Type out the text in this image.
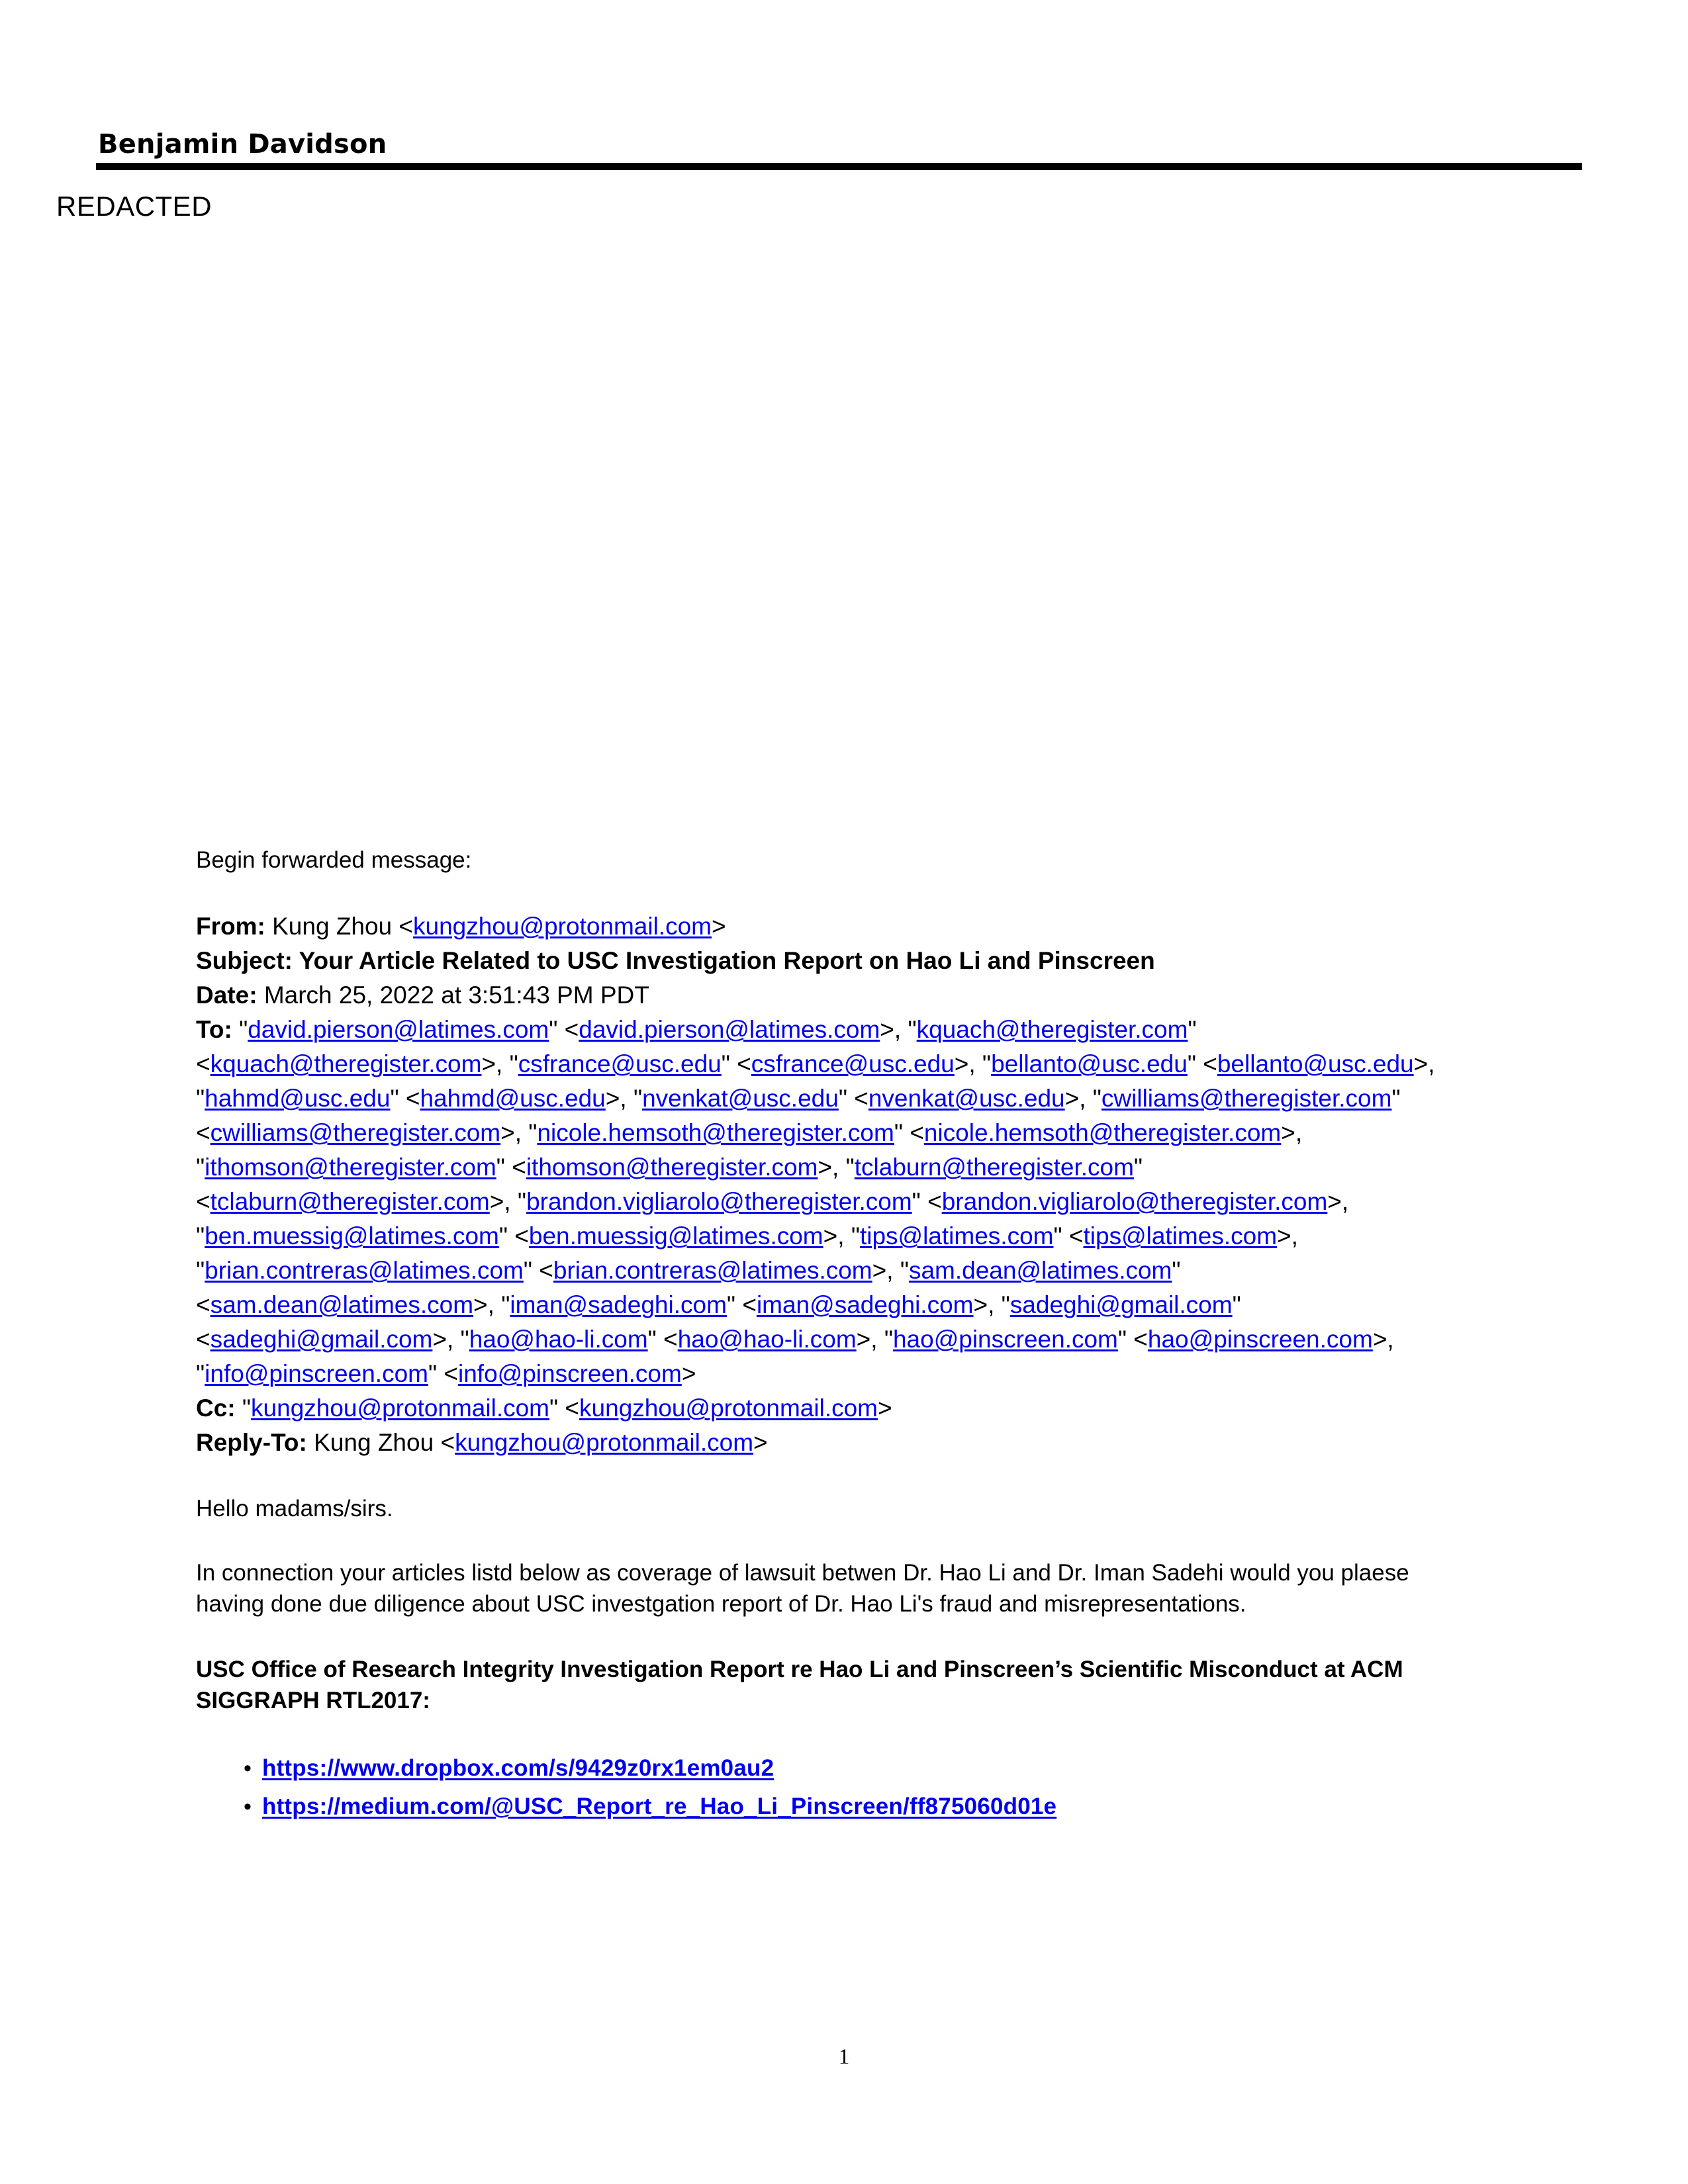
Benjamin Davidson
REDACTED
Begin forwarded message:
From: Kung Zhou <kungzhou@protonmail.com>
Subject: Your Article Related to USC Investigation Report on Hao Li and Pinscreen
Date: March 25, 2022 at 3:51:43 PM PDT
To: "david.pierson@latimes.com" <david.pierson@latimes.com>, "kquach@theregister.com" <kquach@theregister.com>, "csfrance@usc.edu" <csfrance@usc.edu>, "bellanto@usc.edu" <bellanto@usc.edu>, "hahmd@usc.edu" <hahmd@usc.edu>, "nvenkat@usc.edu" <nvenkat@usc.edu>, "cwilliams@theregister.com" <cwilliams@theregister.com>, "nicole.hemsoth@theregister.com" <nicole.hemsoth@theregister.com>, "ithomson@theregister.com" <ithomson@theregister.com>, "tclaburn@theregister.com" <tclaburn@theregister.com>, "brandon.vigliarolo@theregister.com" <brandon.vigliarolo@theregister.com>, "ben.muessig@latimes.com" <ben.muessig@latimes.com>, "tips@latimes.com" <tips@latimes.com>, "brian.contreras@latimes.com" <brian.contreras@latimes.com>, "sam.dean@latimes.com" <sam.dean@latimes.com>, "iman@sadeghi.com" <iman@sadeghi.com>, "sadeghi@gmail.com" <sadeghi@gmail.com>, "hao@hao-li.com" <hao@hao-li.com>, "hao@pinscreen.com" <hao@pinscreen.com>, "info@pinscreen.com" <info@pinscreen.com>
Cc: "kungzhou@protonmail.com" <kungzhou@protonmail.com>
Reply-To: Kung Zhou <kungzhou@protonmail.com>
Hello madams/sirs.
In connection your articles listd below as coverage of lawsuit betwen Dr. Hao Li and Dr. Iman Sadehi would you plaese having done due diligence about USC investgation report of Dr. Hao Li's fraud and misrepresentations.
USC Office of Research Integrity Investigation Report re Hao Li and Pinscreen’s Scientific Misconduct at ACM SIGGRAPH RTL2017:
• https://www.dropbox.com/s/9429z0rx1em0au2
• https://medium.com/@USC_Report_re_Hao_Li_Pinscreen/ff875060d01e
1
